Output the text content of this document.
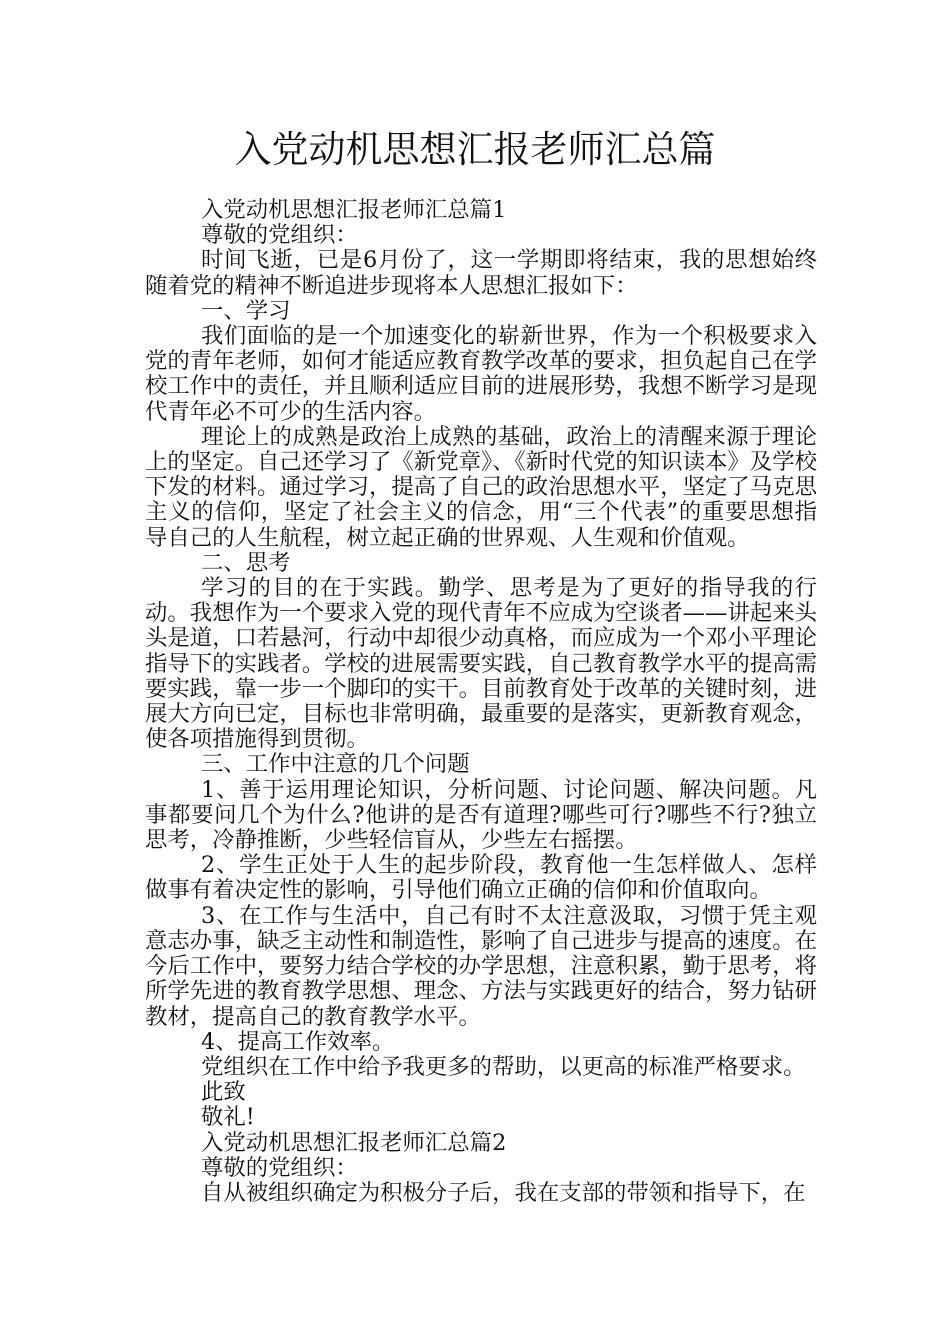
入党动机思想汇报老师汇总篇

入党动机思想汇报老师汇总篇1

尊敬的党组织：

时间飞逝，已是6月份了，这一学期即将结束，我的思想始终随着党的精神不断追进步现将本人思想汇报如下：

一、学习

我们面临的是一个加速变化的崭新世界，作为一个积极要求入党的青年老师，如何才能适应教育教学改革的要求，担负起自己在学校工作中的责任，并且顺利适应目前的进展形势，我想不断学习是现代青年必不可少的生活内容。

理论上的成熟是政治上成熟的基础，政治上的清醒来源于理论上的坚定。自己还学习了《新党章》、《新时代党的知识读本》及学校下发的材料。通过学习，提高了自己的政治思想水平，坚定了马克思主义的信仰，坚定了社会主义的信念，用“三个代表”的重要思想指导自己的人生航程，树立起正确的世界观、人生观和价值观。

二、思考

学习的目的在于实践。勤学、思考是为了更好的指导我的行动。我想作为一个要求入党的现代青年不应成为空谈者——讲起来头头是道，口若悬河，行动中却很少动真格，而应成为一个邓小平理论指导下的实践者。学校的进展需要实践，自己教育教学水平的提高需要实践，靠一步一个脚印的实干。目前教育处于改革的关键时刻，进展大方向已定，目标也非常明确，最重要的是落实，更新教育观念，使各项措施得到贯彻。

三、工作中注意的几个问题

1、善于运用理论知识，分析问题、讨论问题、解决问题。凡事都要问几个为什么?他讲的是否有道理?哪些可行?哪些不行?独立思考，冷静推断，少些轻信盲从，少些左右摇摆。

2、学生正处于人生的起步阶段，教育他一生怎样做人、怎样做事有着决定性的影响，引导他们确立正确的信仰和价值取向。

3、在工作与生活中，自己有时不太注意汲取，习惯于凭主观意志办事，缺乏主动性和制造性，影响了自己进步与提高的速度。在今后工作中，要努力结合学校的办学思想，注意积累，勤于思考，将所学先进的教育教学思想、理念、方法与实践更好的结合，努力钻研教材，提高自己的教育教学水平。

4、提高工作效率。

党组织在工作中给予我更多的帮助，以更高的标准严格要求。

此致

敬礼!

入党动机思想汇报老师汇总篇2

尊敬的党组织：

自从被组织确定为积极分子后，我在支部的带领和指导下，在
